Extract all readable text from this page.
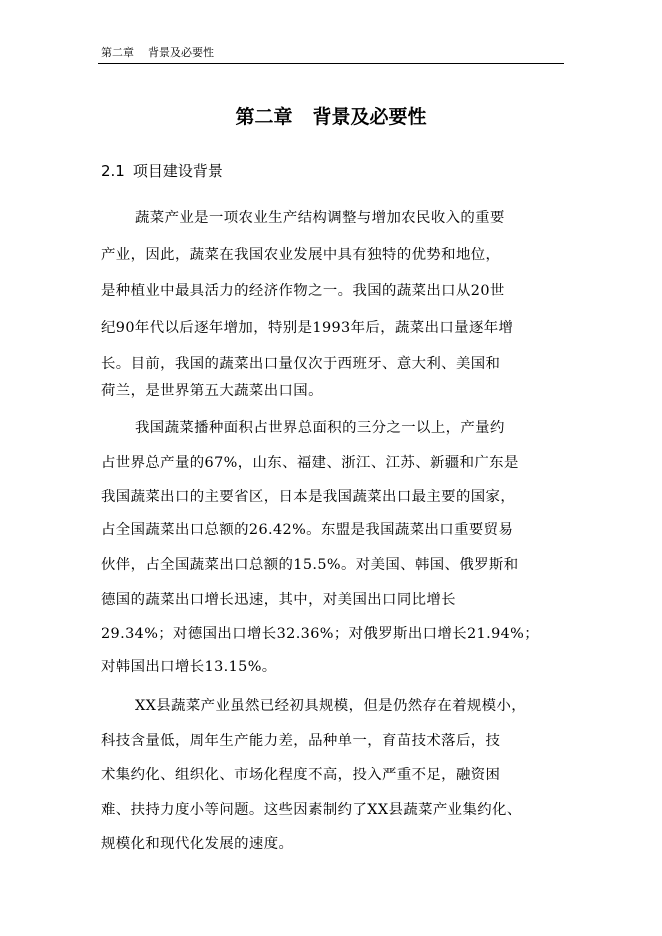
第二章 背景及必要性
第二章 背景及必要性
2.1 项目建设背景
蔬菜产业是一项农业生产结构调整与增加农民收入的重要
产业，因此，蔬菜在我国农业发展中具有独特的优势和地位，
是种植业中最具活力的经济作物之一。我国的蔬菜出口从20世
纪90年代以后逐年增加，特别是1993年后，蔬菜出口量逐年增
长。目前，我国的蔬菜出口量仅次于西班牙、意大利、美国和
荷兰，是世界第五大蔬菜出口国。
我国蔬菜播种面积占世界总面积的三分之一以上，产量约
占世界总产量的67%，山东、福建、浙江、江苏、新疆和广东是
我国蔬菜出口的主要省区，日本是我国蔬菜出口最主要的国家，
占全国蔬菜出口总额的26.42%。东盟是我国蔬菜出口重要贸易
伙伴，占全国蔬菜出口总额的15.5%。对美国、韩国、俄罗斯和
德国的蔬菜出口增长迅速，其中，对美国出口同比增长
29.34%；对德国出口增长32.36%；对俄罗斯出口增长21.94%；
对韩国出口增长13.15%。
XX县蔬菜产业虽然已经初具规模，但是仍然存在着规模小，
科技含量低，周年生产能力差，品种单一，育苗技术落后，技
术集约化、组织化、市场化程度不高，投入严重不足，融资困
难、扶持力度小等问题。这些因素制约了XX县蔬菜产业集约化、
规模化和现代化发展的速度。
